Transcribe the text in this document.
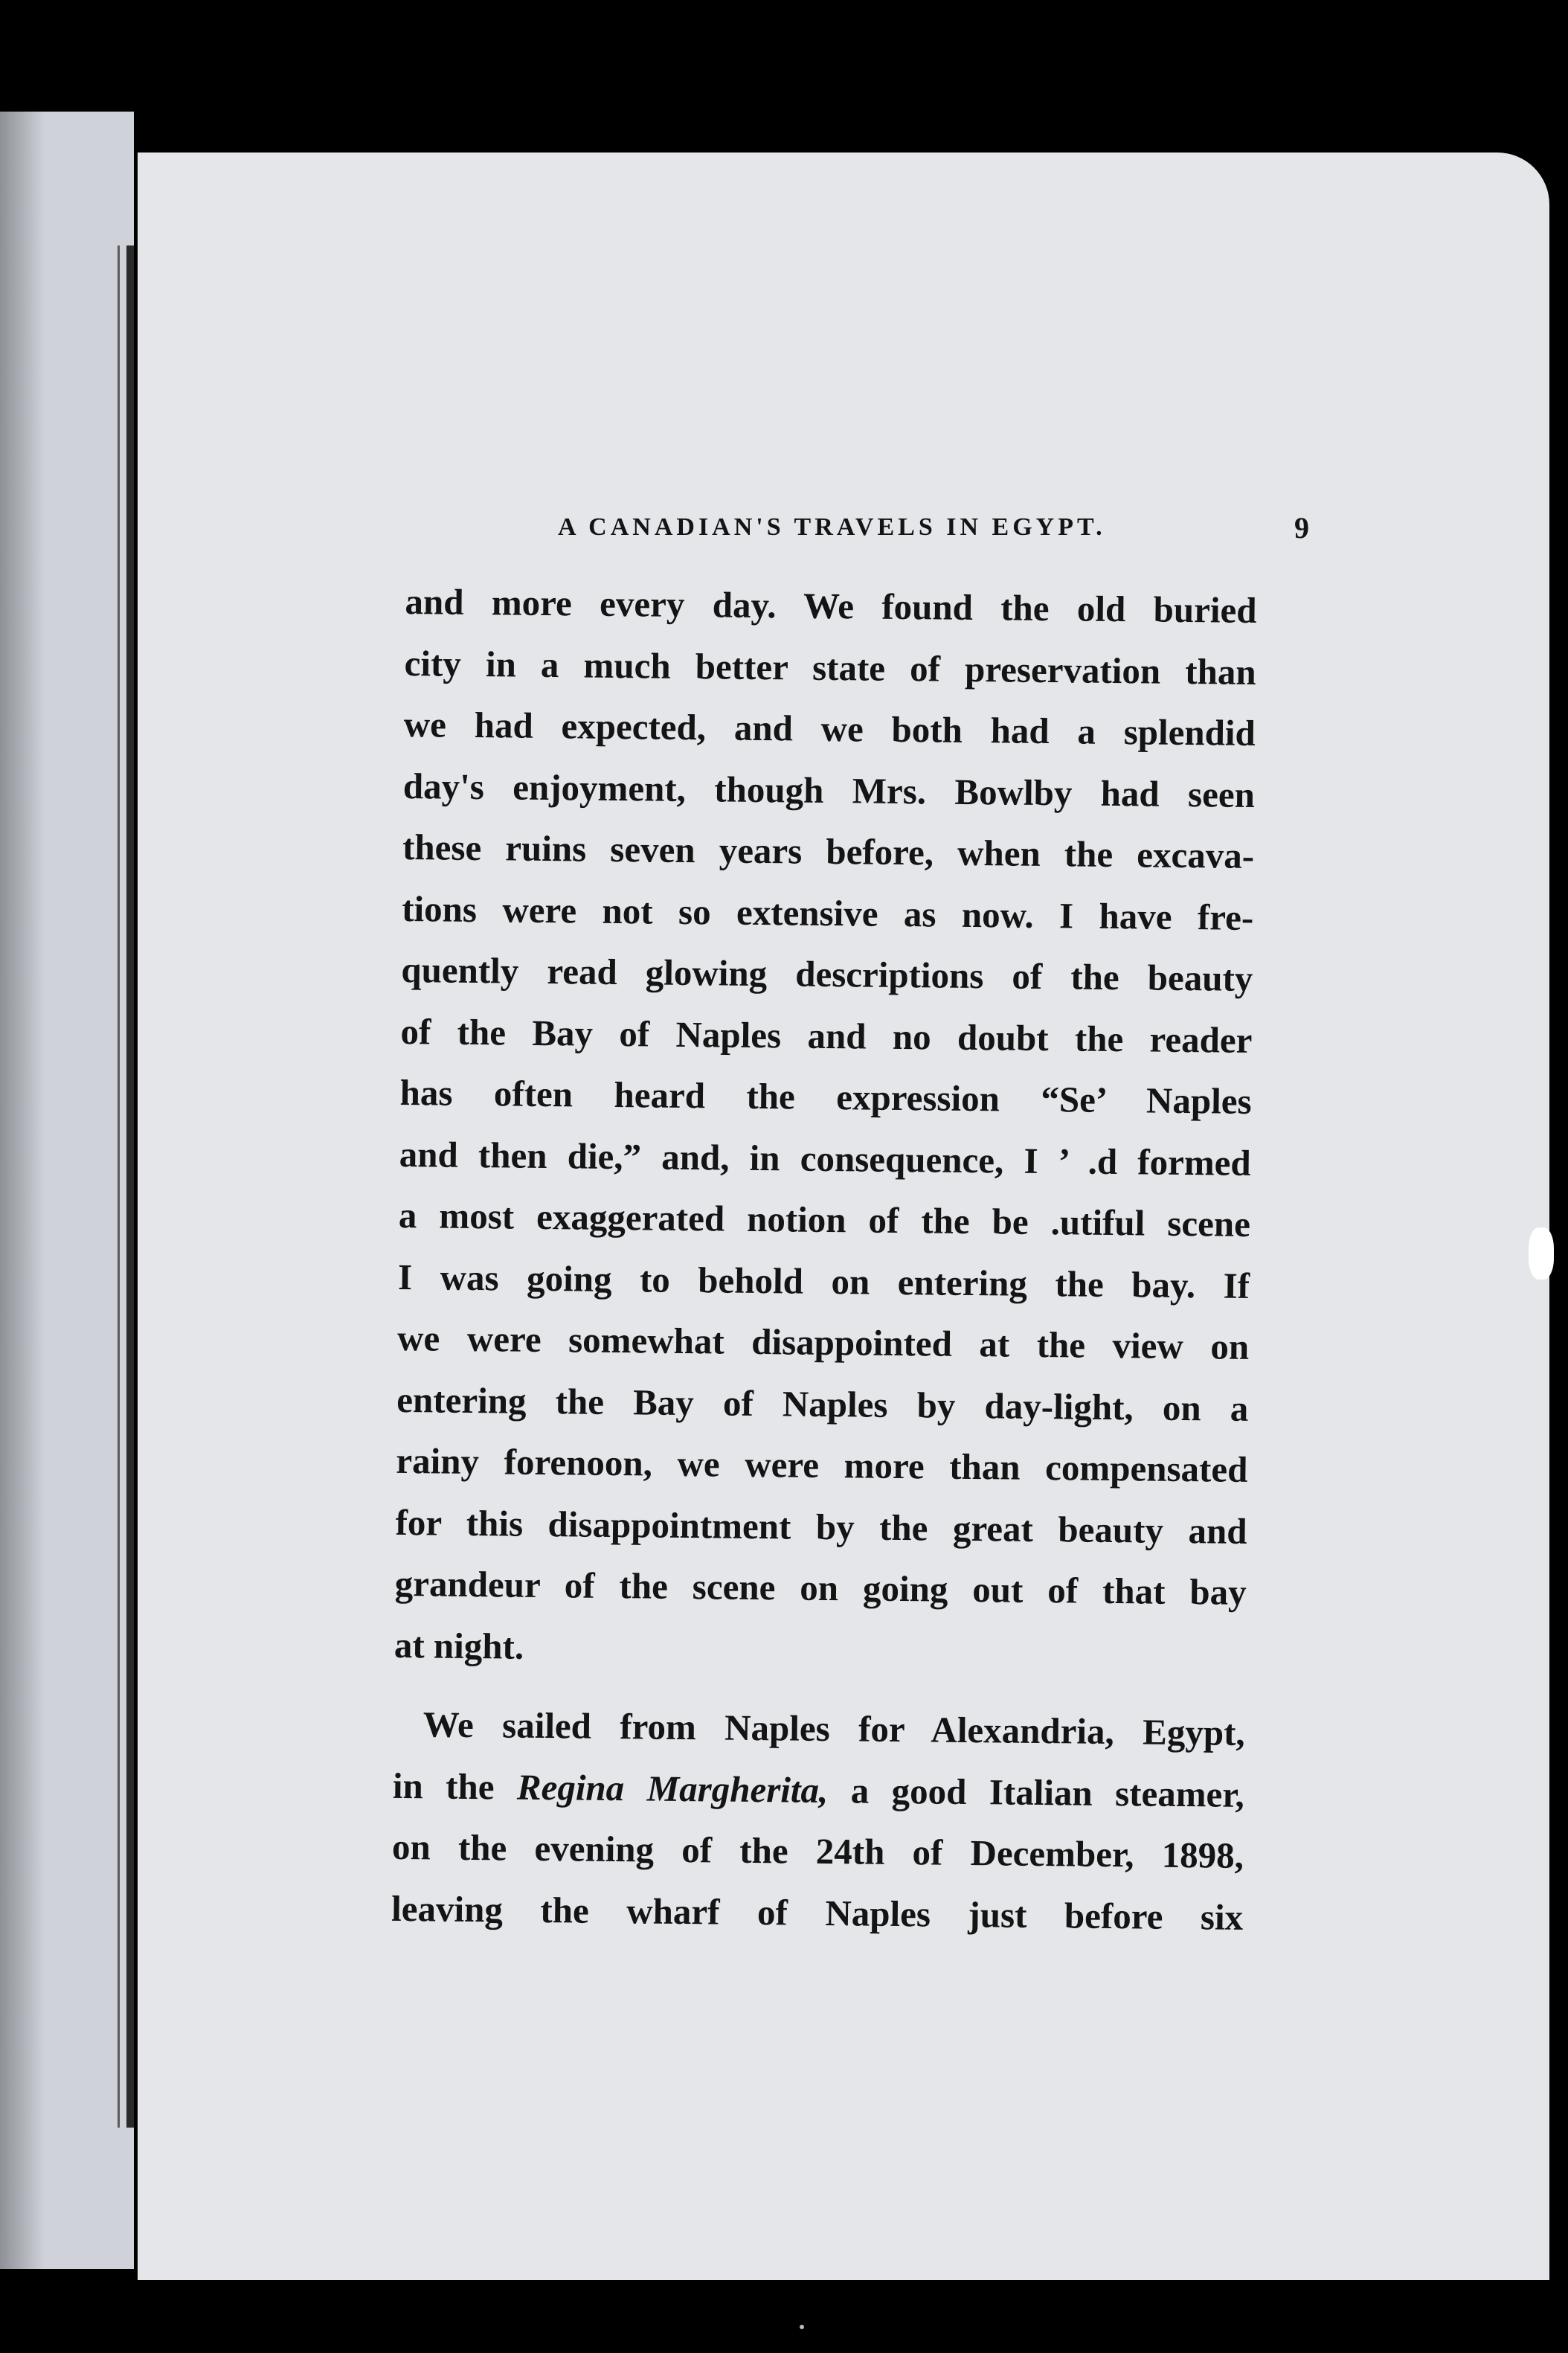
A CANADIAN'S TRAVELS IN EGYPT.	9
and more every day. We found the old buried
city in a much better state of preservation than
we had expected, and we both had a splendid
day's enjoyment, though Mrs. Bowlby had seen
these ruins seven years before, when the excava-
tions were not so extensive as now. I have fre-
quently read glowing descriptions of the beauty
of the Bay of Naples and no doubt the reader
has often heard the expression “Se’ Naples
and then die,” and, in consequence, I ’ .d formed
a most exaggerated notion of the be .utiful scene
I was going to behold on entering the bay. If
we were somewhat disappointed at the view on
entering the Bay of Naples by day-light, on a
rainy forenoon, we were more than compensated
for this disappointment by the great beauty and
grandeur of the scene on going out of that bay
at night.
We sailed from Naples for Alexandria, Egypt,
in the Regina Margherita, a good Italian steamer,
on the evening of the 24th of December, 1898,
leaving the wharf of Naples just before six
